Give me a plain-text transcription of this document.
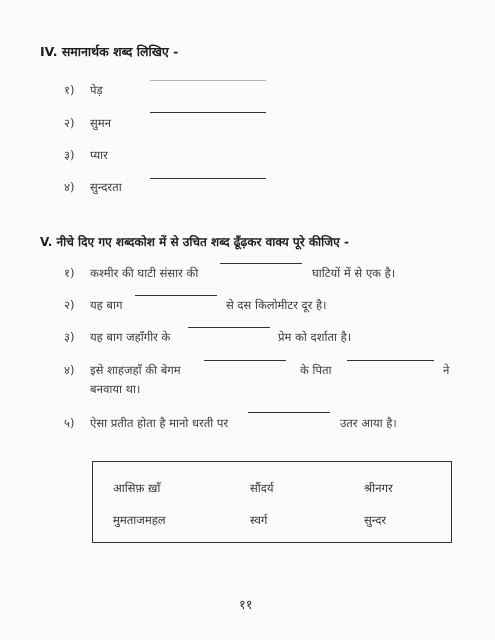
IV. समानार्थक शब्द लिखिए -
१) पेड़
२) सुमन
३) प्यार
४) सुन्दरता
V. नीचे दिए गए शब्दकोश में से उचित शब्द ढूँढ़कर वाक्य पूरे कीजिए -
१) कश्मीर की घाटी संसार की	घाटियों में से एक है।
२) यह बाग	से दस किलोमीटर दूर है।
३) यह बाग जहाँगीर के	प्रेम को दर्शाता है।
४) इसे शाहजहाँ की बेगम	के पिता	ने
बनवाया था।
५) ऐसा प्रतीत होता है मानो धरती पर	उतर आया है।
आसिफ़ ख़ाँ	सौंदर्य	श्रीनगर
मुमताजमहल	स्वर्ग	सुन्दर
११
